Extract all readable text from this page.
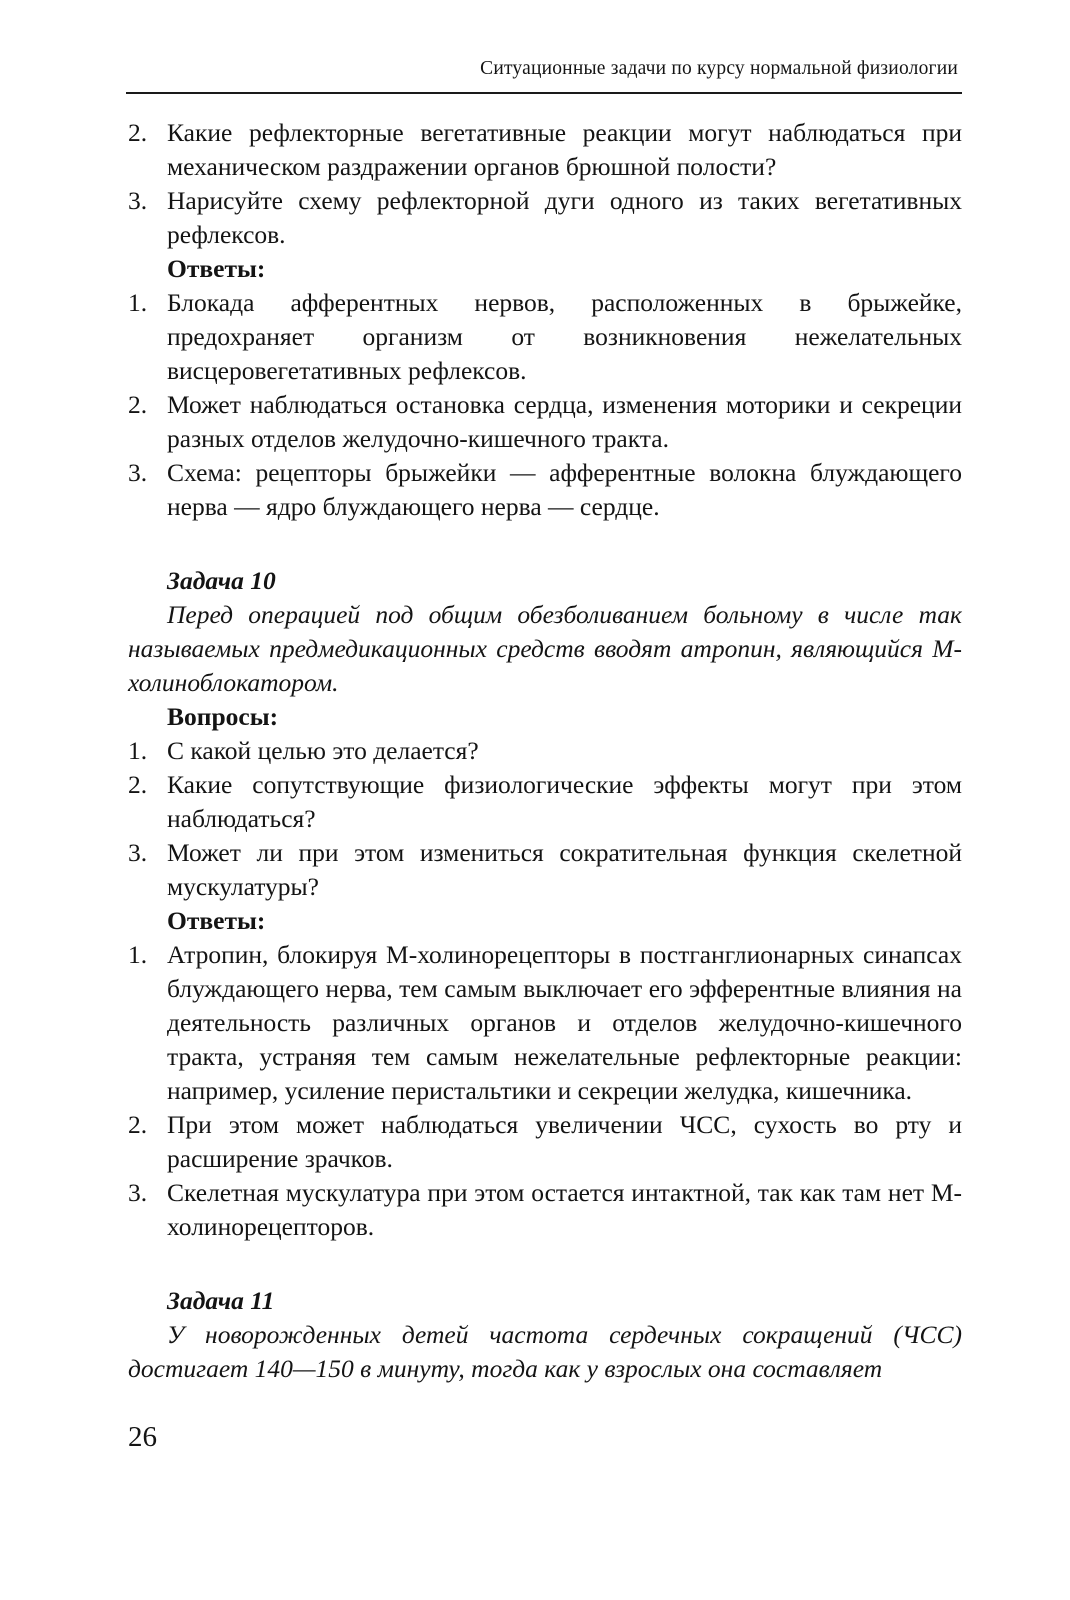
Ситуационные задачи по курсу нормальной физиологии
2. Какие рефлекторные вегетативные реакции могут наблюдаться при механическом раздражении органов брюшной полости?
3. Нарисуйте схему рефлекторной дуги одного из таких вегетативных рефлексов.
Ответы:
1. Блокада афферентных нервов, расположенных в брыжейке, предохраняет организм от возникновения нежелательных висцеровегетативных рефлексов.
2. Может наблюдаться остановка сердца, изменения моторики и секреции разных отделов желудочно-кишечного тракта.
3. Схема: рецепторы брыжейки — афферентные волокна блуждающего нерва — ядро блуждающего нерва — сердце.
Задача 10
Перед операцией под общим обезболиванием больному в числе так называемых предмедикационных средств вводят атропин, являющийся М-холиноблокатором.
Вопросы:
1. С какой целью это делается?
2. Какие сопутствующие физиологические эффекты могут при этом наблюдаться?
3. Может ли при этом измениться сократительная функция скелетной мускулатуры?
Ответы:
1. Атропин, блокируя М-холинорецепторы в постганглионарных синапсах блуждающего нерва, тем самым выключает его эфферентные влияния на деятельность различных органов и отделов желудочно-кишечного тракта, устраняя тем самым нежелательные рефлекторные реакции: например, усиление перистальтики и секреции желудка, кишечника.
2. При этом может наблюдаться увеличении ЧСС, сухость во рту и расширение зрачков.
3. Скелетная мускулатура при этом остается интактной, так как там нет М-холинорецепторов.
Задача 11
У новорожденных детей частота сердечных сокращений (ЧСС) достигает 140—150 в минуту, тогда как у взрослых она составляет
26
